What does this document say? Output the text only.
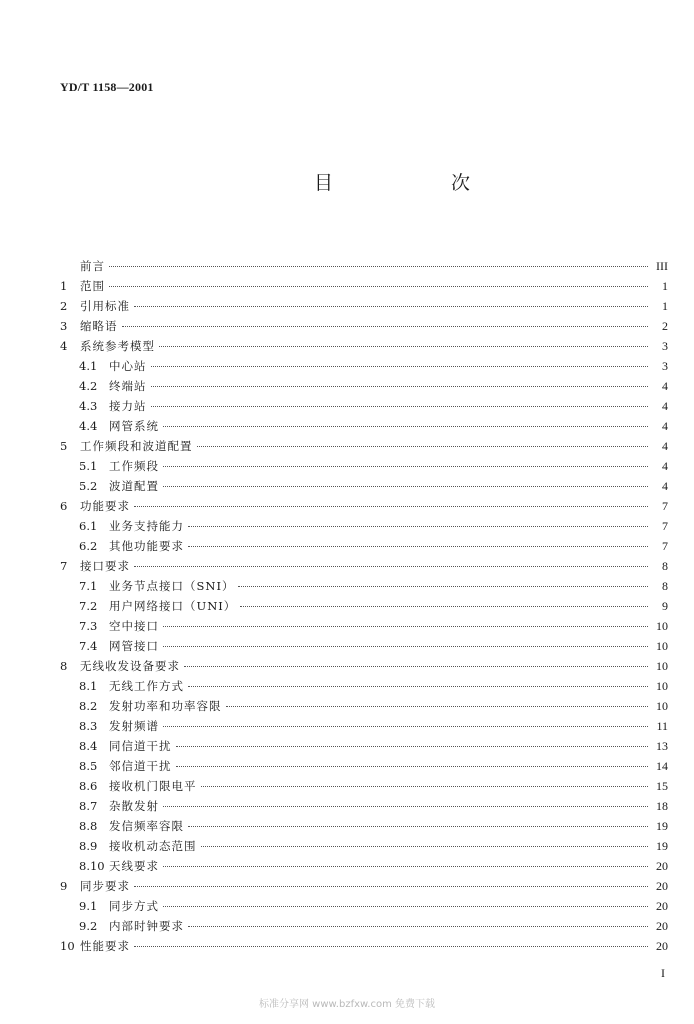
YD/T 1158—2001
目 次
前言	III
1	范围	1
2	引用标准	1
3	缩略语	2
4	系统参考模型	3
4.1	中心站	3
4.2	终端站	4
4.3	接力站	4
4.4	网管系统	4
5	工作频段和波道配置	4
5.1	工作频段	4
5.2	波道配置	4
6	功能要求	7
6.1	业务支持能力	7
6.2	其他功能要求	7
7	接口要求	8
7.1	业务节点接口（SNI）	8
7.2	用户网络接口（UNI）	9
7.3	空中接口	10
7.4	网管接口	10
8	无线收发设备要求	10
8.1	无线工作方式	10
8.2	发射功率和功率容限	10
8.3	发射频谱	11
8.4	同信道干扰	13
8.5	邻信道干扰	14
8.6	接收机门限电平	15
8.7	杂散发射	18
8.8	发信频率容限	19
8.9	接收机动态范围	19
8.10 天线要求	20
9	同步要求	20
9.1	同步方式	20
9.2	内部时钟要求	20
10 性能要求	20
I
标准分享网 www.bzfxw.com 免费下载
